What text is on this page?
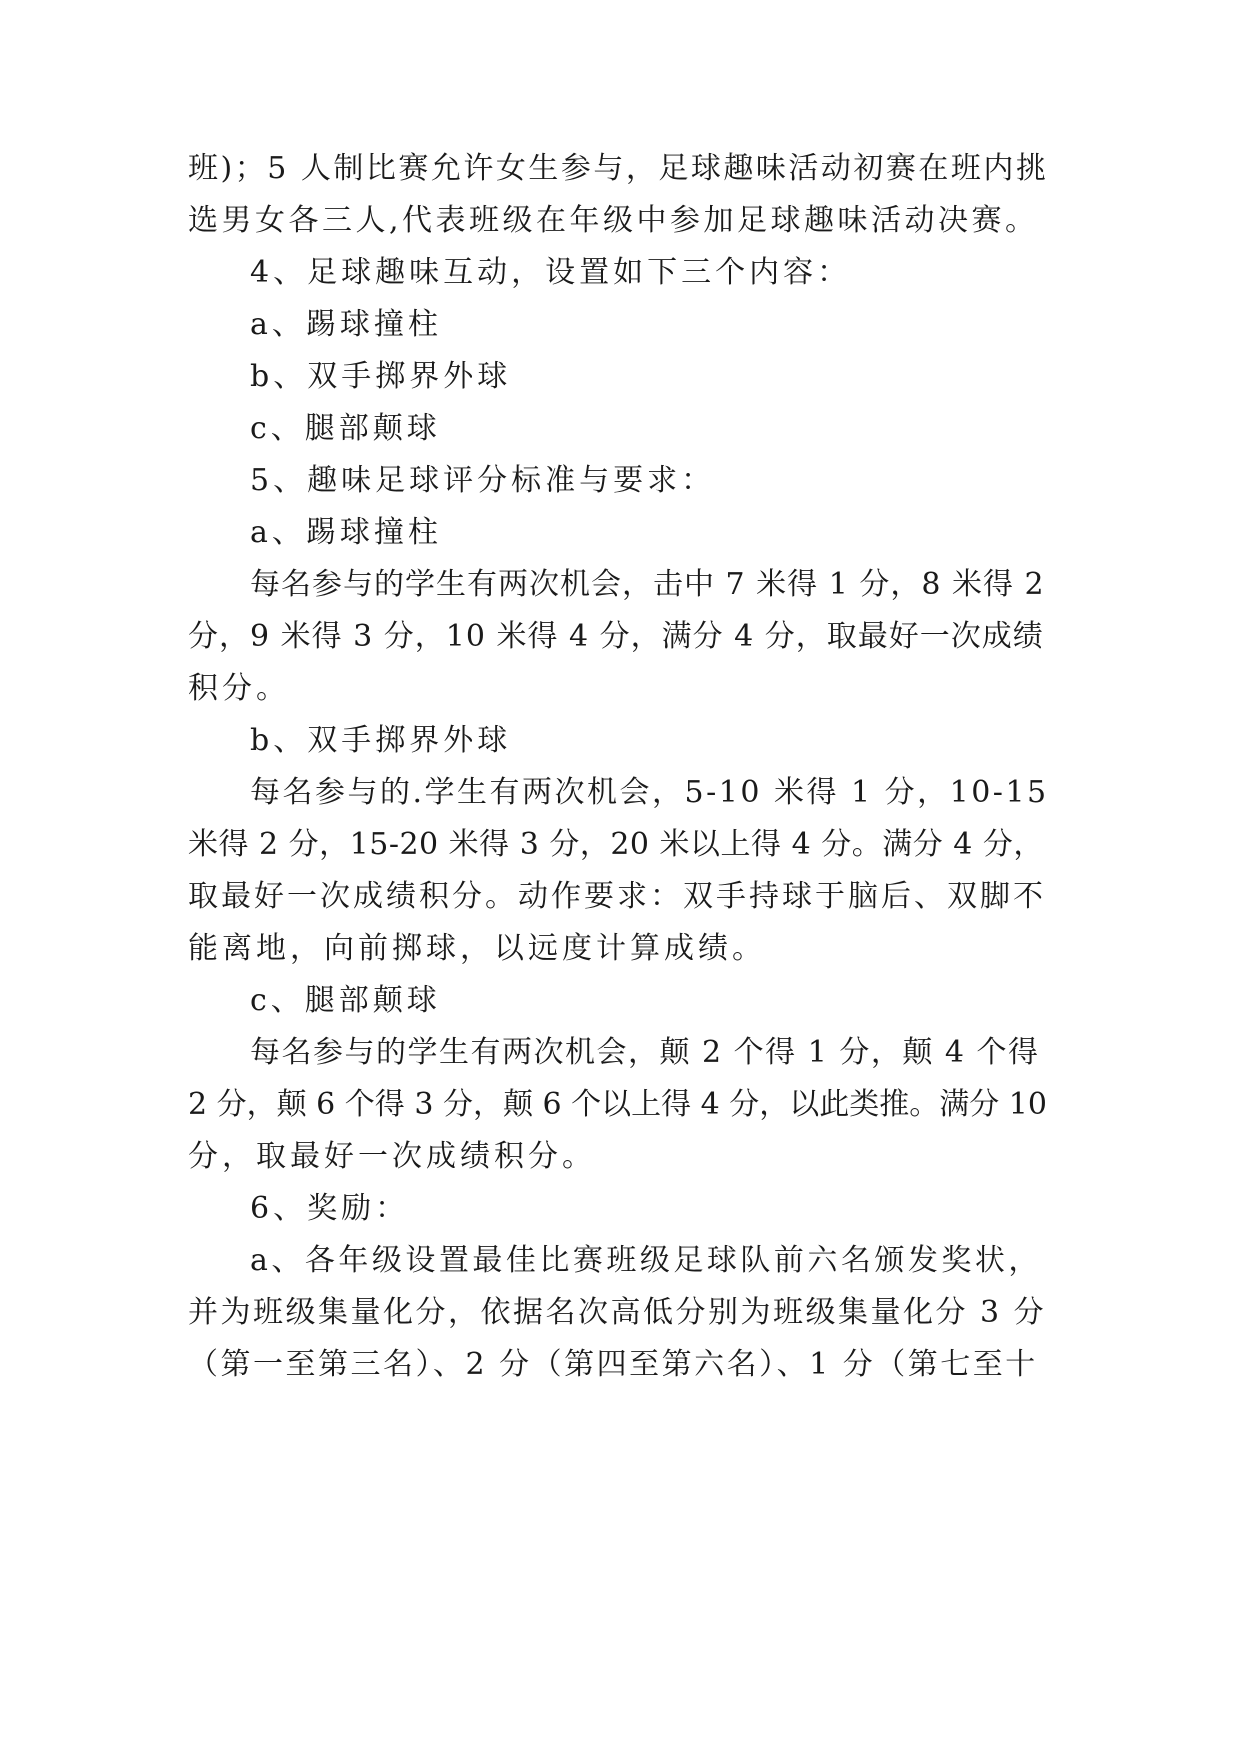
班)；5 人制比赛允许女生参与，足球趣味活动初赛在班内挑
选男女各三人,代表班级在年级中参加足球趣味活动决赛。
4、足球趣味互动，设置如下三个内容：
a、踢球撞柱
b、双手掷界外球
c、腿部颠球
5、趣味足球评分标准与要求：
a、踢球撞柱
每名参与的学生有两次机会，击中 7 米得 1 分，8 米得 2
分，9 米得 3 分，10 米得 4 分，满分 4 分，取最好一次成绩
积分。
b、双手掷界外球
每名参与的.学生有两次机会，5-10 米得 1 分，10-15
米得 2 分，15-20 米得 3 分，20 米以上得 4 分。满分 4 分，
取最好一次成绩积分。动作要求：双手持球于脑后、双脚不
能离地，向前掷球，以远度计算成绩。
c、腿部颠球
每名参与的学生有两次机会，颠 2 个得 1 分，颠 4 个得
2 分，颠 6 个得 3 分，颠 6 个以上得 4 分，以此类推。满分 10
分，取最好一次成绩积分。
6、奖励：
a、各年级设置最佳比赛班级足球队前六名颁发奖状，
并为班级集量化分，依据名次高低分别为班级集量化分 3 分
（第一至第三名）、2 分（第四至第六名）、1 分（第七至十
